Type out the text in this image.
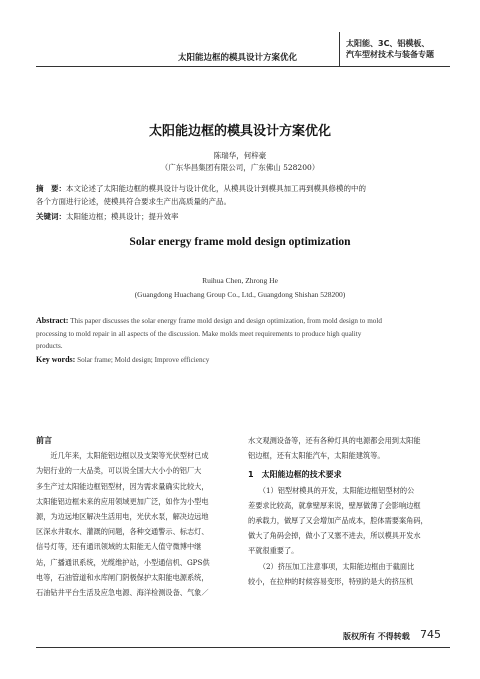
太阳能边框的模具设计方案优化
太阳能、3C、铝模板、
汽车型材技术与装备专题
太阳能边框的模具设计方案优化
陈瑞华，何梓豪
（广东华昌集团有限公司，广东佛山 528200）
摘　要：本文论述了太阳能边框的模具设计与设计优化，从模具设计到模具加工再到模具修模的中的
各个方面进行论述，使模具符合要求生产出高质量的产品。
关键词：太阳能边框；模具设计；提升效率
Solar energy frame mold design optimization
Ruihua Chen, Zhrong He
(Guangdong Huachang Group Co., Ltd., Guangdong Shishan 528200)
Abstract: This paper discusses the solar energy frame mold design and design optimization, from mold design to mold
processing to mold repair in all aspects of the discussion. Make molds meet requirements to produce high quality
products.
Key words: Solar frame; Mold design; Improve efficiency
前言
　　近几年来，太阳能铝边框以及支架等光伏型材已成
为铝行业的一大品类，可以说全国大大小小的铝厂大
多生产过太阳能边框铝型材，因为需求量确实比较大，
太阳能铝边框未来的应用领域更加广泛，如作为小型电
源，为边远地区解决生活用电，光伏水泵，解决边远地
区深水井取水、灌溉的问题，各种交通警示、标志灯、
信号灯等，还有通讯领域的太阳能无人值守微博中继
站，广播通讯系统，光缆维护站，小型通信机、GPS供
电等，石油管道和水库闸门阴极保护太阳能电源系统，
石油钻井平台生活及应急电源、海洋检测设备、气象／
水文观测设备等，还有各种灯具的电源都会用到太阳能
铝边框，还有太阳能汽车，太阳能建筑等。
1　太阳能边框的技术要求
　　（1）铝型材模具的开发，太阳能边框铝型材的公
差要求比较高，就拿壁厚来说，壁厚做薄了会影响边框
的承载力，做厚了又会增加产品成本，腔体需要案角码，
做大了角码会掉，做小了又塞不进去，所以模具开发水
平就很重要了。
　　（2）挤压加工注意事项，太阳能边框由于截面比
较小，在拉伸的时候容易变形，特别的是大的挤压机
版权所有 不得转载 745
